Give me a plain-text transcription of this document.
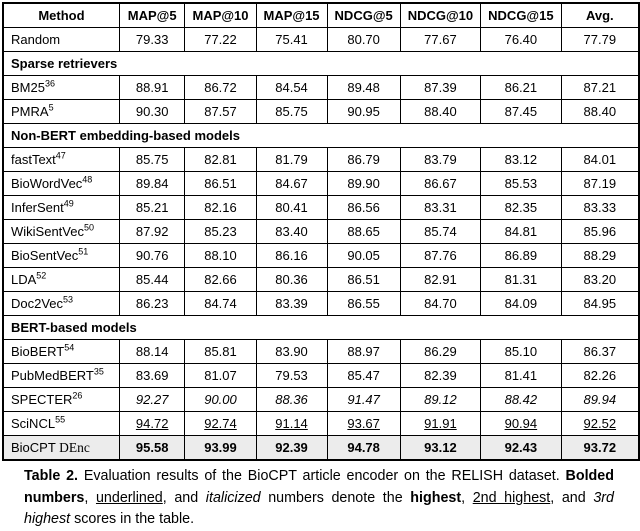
Method	MAP@5	MAP@10	MAP@15	NDCG@5	NDCG@10	NDCG@15	Avg.
Random	79.33	77.22	75.41	80.70	77.67	76.40	77.79
Sparse retrievers							
$BM25^{36}$	88.91	86.72	84.54	89.48	87.39	86.21	87.21
PMRA$^5$	90.30	87.57	85.75	90.95	88.40	87.45	88.40
Non-BERT embedding-based models							
fastText$^{47}$	85.75	82.81	81.79	86.79	83.79	83.12	84.01
BioWordVec$^{48}$	89.84	86.51	84.67	89.90	86.67	85.53	87.19
InferSent$^{49}$	85.21	82.16	80.41	86.56	83.31	82.35	83.33
WikiSentVec$^{50}$	87.92	85.23	83.40	88.65	85.74	84.81	85.96
BioSentVec$^{51}$	90.76	88.10	86.16	90.05	87.76	86.89	88.29
LDA$^{52}$	85.44	82.66	80.36	86.51	82.91	81.31	83.20
Doc2Vec$^{53}$	86.23	84.74	83.39	86.55	84.70	84.09	84.95
BERT-based models							
BioBERT$^{54}$	88.14	85.81	83.90	88.97	86.29	85.10	86.37
PubMedBERT$^{35}$	83.69	81.07	79.53	85.47	82.39	81.41	82.26
SPECTER$^{26}$	92.27	90.00	88.36	91.47	89.12	88.42	89.94
SciNCL$^{55}$	94.72	92.74	91.14	93.67	91.91	90.94	92.52
BioCPT DEnc	95.58	93.99	92.39	94.78	93.12	92.43	93.72
Table 2. Evaluation results of the BioCPT article encoder on the RELISH dataset. Bolded
numbers, underlined, and italicized numbers denote the highest, 2nd highest, and 3rd
highest scores in the table.
